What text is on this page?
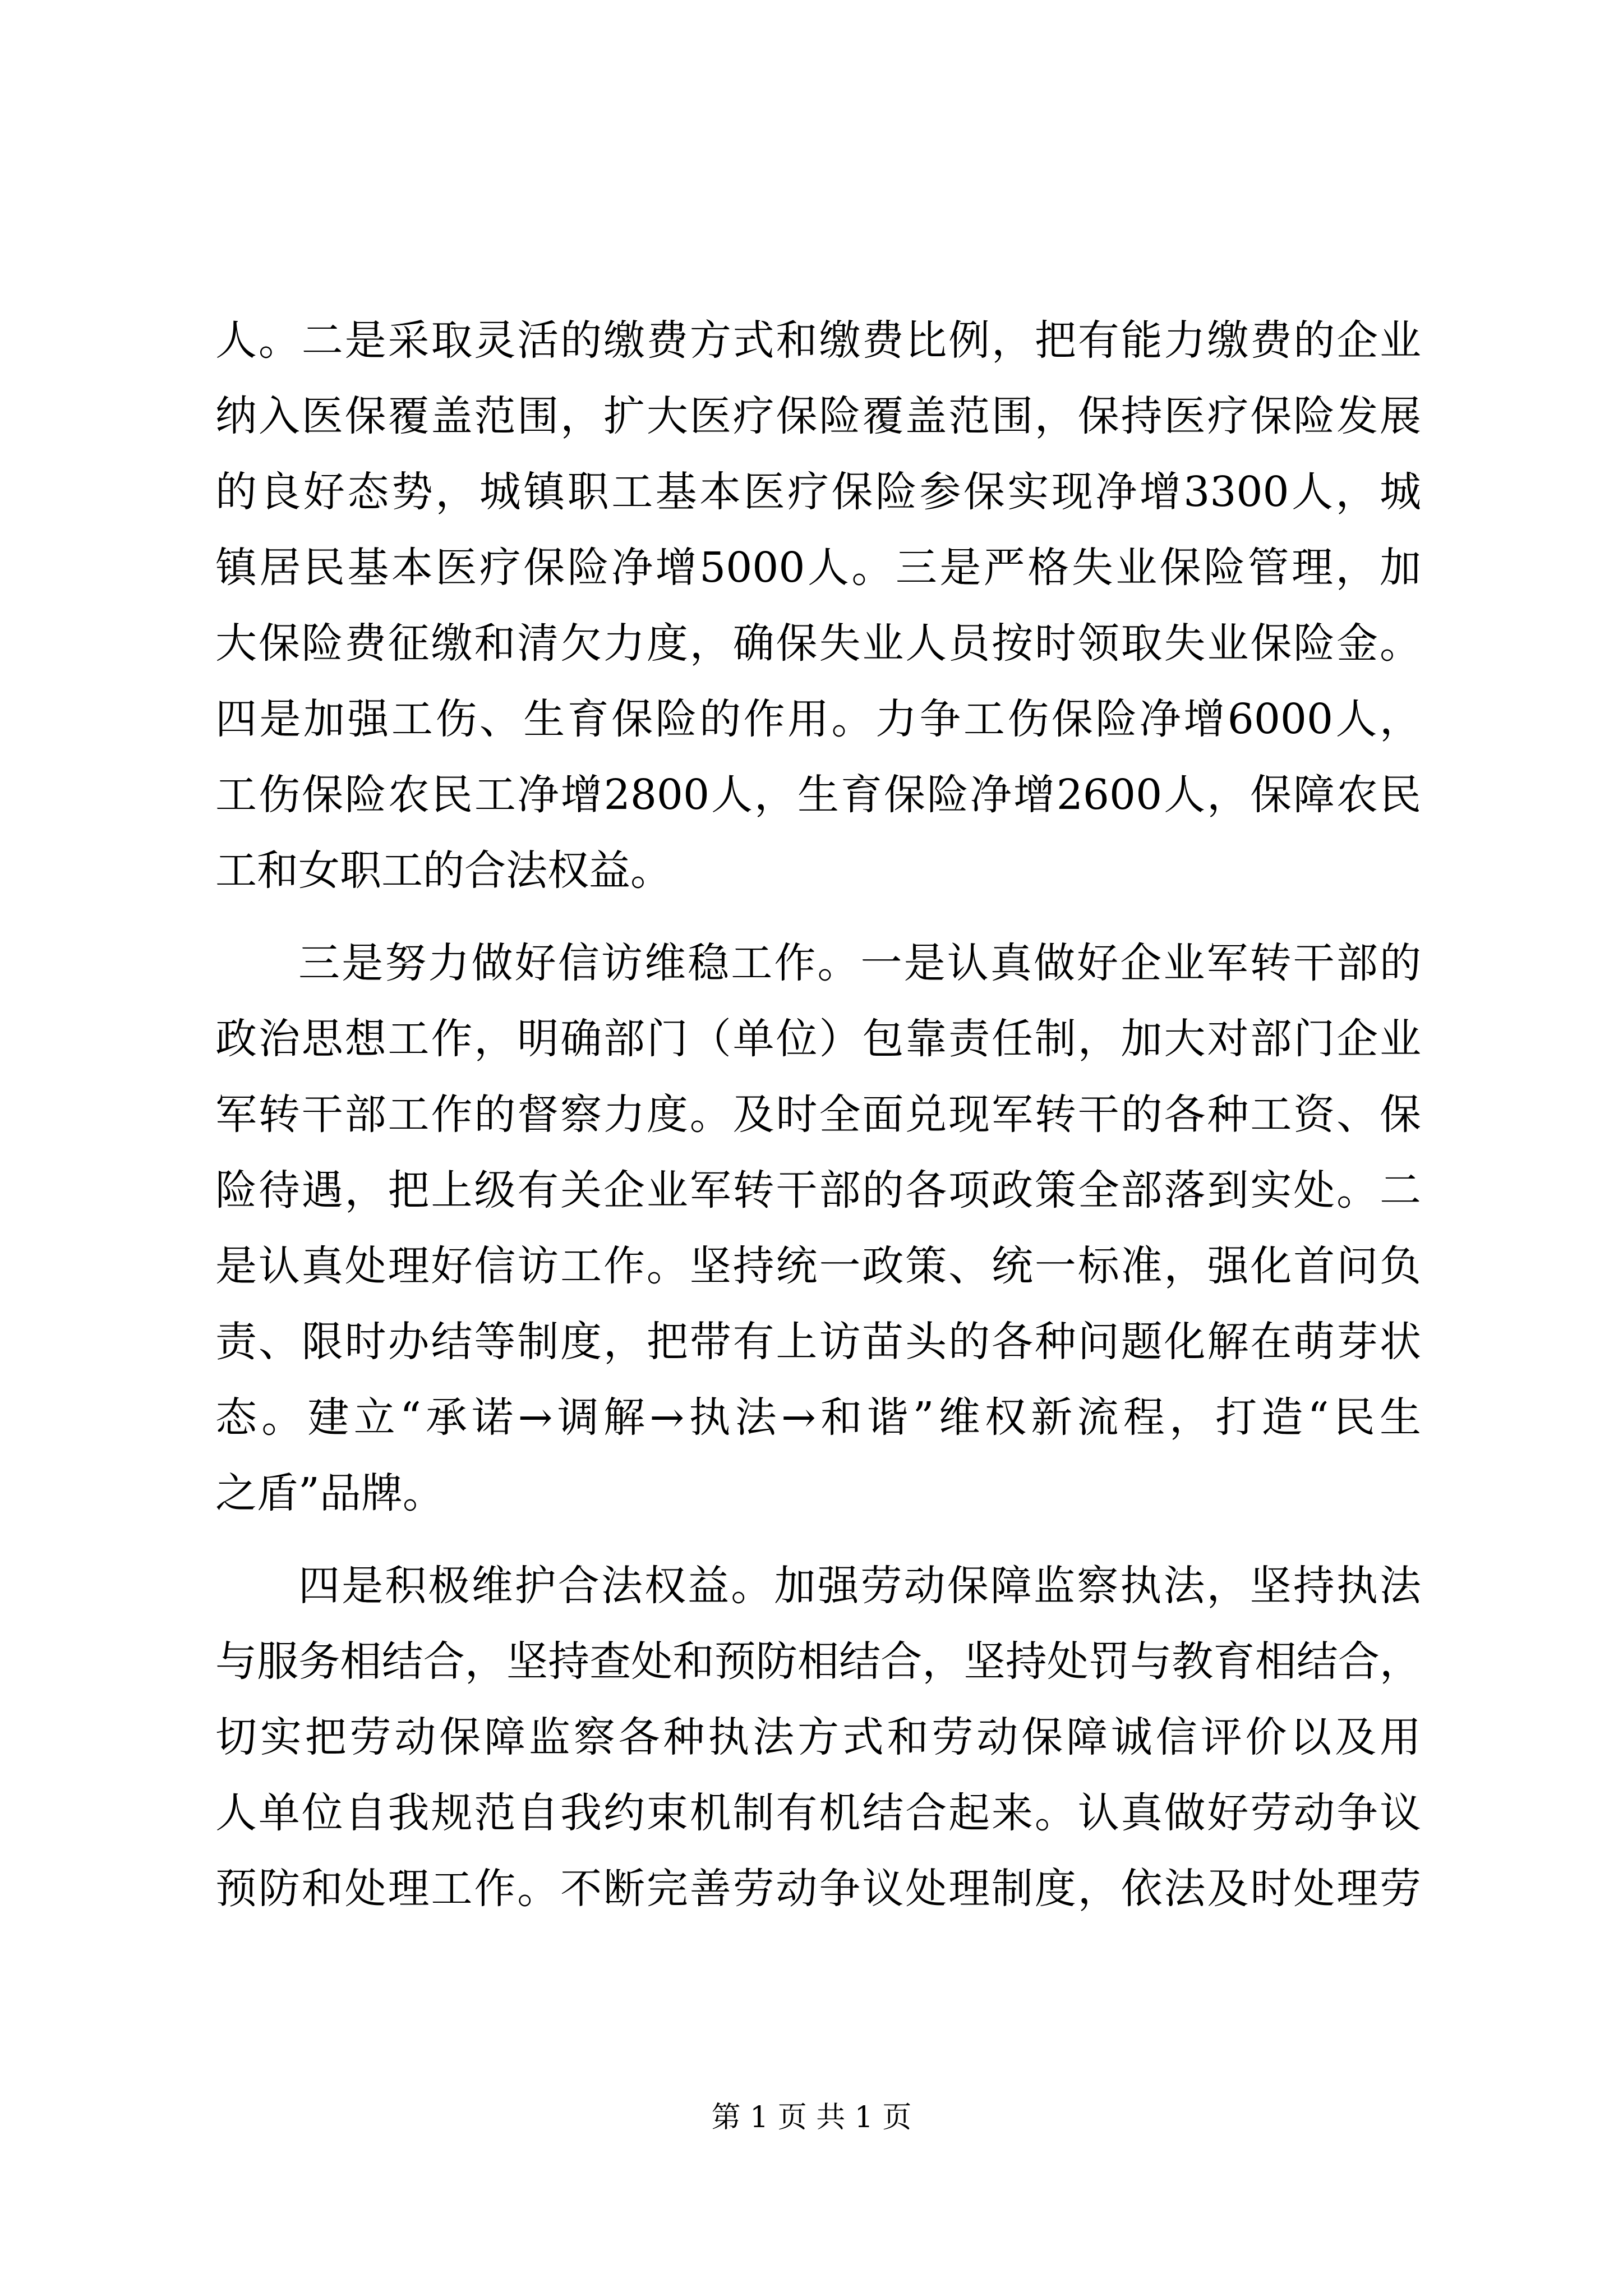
人。二是采取灵活的缴费方式和缴费比例，把有能力缴费的企业
纳入医保覆盖范围，扩大医疗保险覆盖范围，保持医疗保险发展
的良好态势，城镇职工基本医疗保险参保实现净增3300人，城
镇居民基本医疗保险净增5000人。三是严格失业保险管理，加
大保险费征缴和清欠力度，确保失业人员按时领取失业保险金。
四是加强工伤、生育保险的作用。力争工伤保险净增6000人，
工伤保险农民工净增2800人，生育保险净增2600人，保障农民
工和女职工的合法权益。
三是努力做好信访维稳工作。一是认真做好企业军转干部的
政治思想工作，明确部门（单位）包靠责任制，加大对部门企业
军转干部工作的督察力度。及时全面兑现军转干的各种工资、保
险待遇，把上级有关企业军转干部的各项政策全部落到实处。二
是认真处理好信访工作。坚持统一政策、统一标准，强化首问负
责、限时办结等制度，把带有上访苗头的各种问题化解在萌芽状
态。建立“承诺→调解→执法→和谐”维权新流程，打造“民生
之盾”品牌。
四是积极维护合法权益。加强劳动保障监察执法，坚持执法
与服务相结合，坚持查处和预防相结合，坚持处罚与教育相结合，
切实把劳动保障监察各种执法方式和劳动保障诚信评价以及用
人单位自我规范自我约束机制有机结合起来。认真做好劳动争议
预防和处理工作。不断完善劳动争议处理制度，依法及时处理劳
第 1 页 共 1 页
